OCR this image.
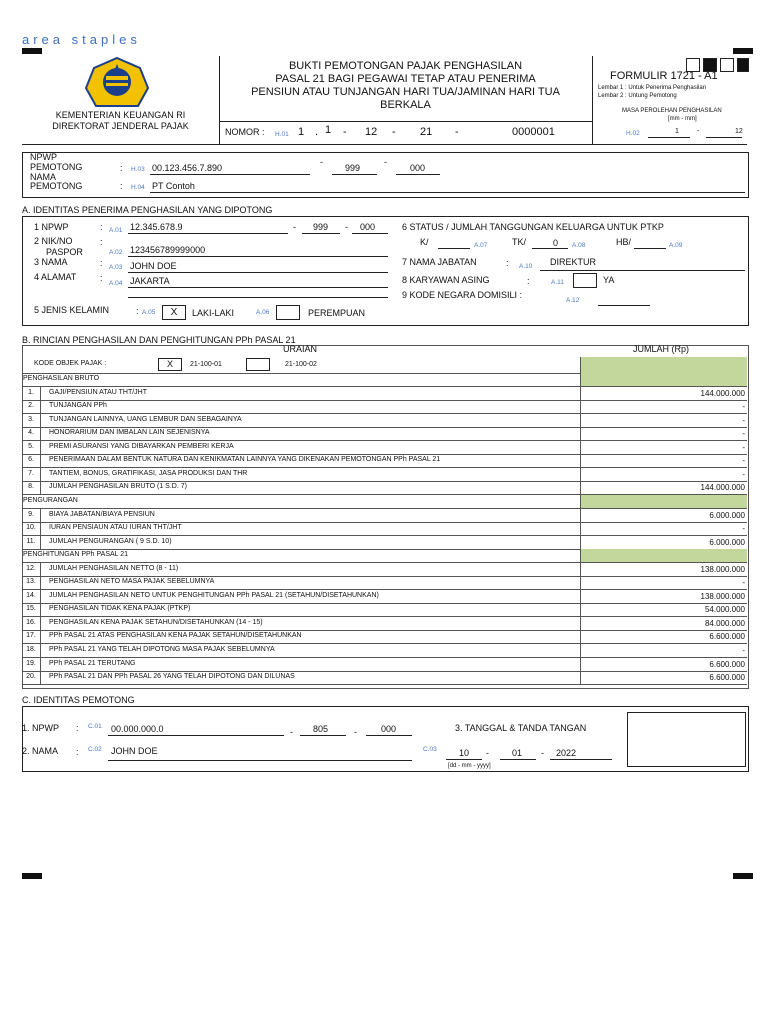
area staples
KEMENTERIAN KEUANGAN RI
DIREKTORAT JENDERAL PAJAK
BUKTI PEMOTONGAN PAJAK PENGHASILAN
PASAL 21 BAGI PEGAWAI TETAP ATAU PENERIMA
PENSIUN ATAU TUNJANGAN HARI TUA/JAMINAN HARI TUA
BERKALA
NOMOR : H.01 1 . 1 - 12 - 21 -	0000001
FORMULIR 1721 - A1
Lembar 1 : Untuk Penerima Penghasilan
Lembar 2 : Untung Pemotong
MASA PEROLEHAN PENGHASILAN
[mm - mm]
H.02	1	-	12
NPWP
PEMOTONG	: H.03 00.123.456.7.890
-
999
-
000
NAMA
PEMOTONG	: H.04 PT Contoh
A. IDENTITAS PENERIMA PENGHASILAN YANG DIPOTONG
1 NPWP	: A.01 12.345.678.9	- 999 - 000
2 NIK/NO
PASPOR
:
A.02 123456789999000
3 NAMA	: A.03 JOHN DOE
4 ALAMAT	:
A.04 JAKARTA
5 JENIS KELAMIN	: A.05	X	LAKI-LAKI	A.06	PEREMPUAN
6 STATUS / JUMLAH TANGGUNGAN KELUARGA UNTUK PTKP
K/	A.07	TK/	0 A.08	HB/	A.09
7 NAMA JABATAN	: A.10 DIREKTUR
8 KARYAWAN ASING	:	A.11	YA
9 KODE NEGARA DOMISILI :
A.12
B. RINCIAN PENGHASILAN DAN PENGHITUNGAN PPh PASAL 21
URAIAN	JUMLAH (Rp)
KODE OBJEK PAJAK :	X	21-100-01	21-100-02
PENGHASILAN BRUTO
1.	GAJI/PENSIUN ATAU THT/JHT	144.000.000
2.	TUNJANGAN PPh	-
3.	TUNJANGAN LAINNYA, UANG LEMBUR DAN SEBAGAINYA	-
4.	HONORARIUM DAN IMBALAN LAIN SEJENISNYA	-
5.	PREMI ASURANSI YANG DIBAYARKAN PEMBERI KERJA	-
6.	PENERIMAAN DALAM BENTUK NATURA DAN KENIKMATAN LAINNYA YANG DIKENAKAN PEMOTONGAN PPh PASAL 21	-
7.	TANTIEM, BONUS, GRATIFIKASI, JASA PRODUKSI DAN THR	-
8.	JUMLAH PENGHASILAN BRUTO (1 S.D. 7)	144.000.000
PENGURANGAN
9.	BIAYA JABATAN/BIAYA PENSIUN	6.000.000
10.	IURAN PENSIAUN ATAU IURAN THT/JHT	-
11.	JUMLAH PENGURANGAN ( 9 S.D. 10)	6.000.000
PENGHITUNGAN PPh PASAL 21
12.	JUMLAH PENGHASILAN NETTO (8 - 11)	138.000.000
13.	PENGHASILAN NETO MASA PAJAK SEBELUMNYA	-
14.	JUMLAH PENGHASILAN NETO UNTUK PENGHITUNGAN PPh PASAL 21 (SETAHUN/DISETAHUNKAN)	138.000.000
15.	PENGHASILAN TIDAK KENA PAJAK (PTKP)	54.000.000
16.	PENGHASILAN KENA PAJAK SETAHUN/DISETAHUNKAN (14 - 15)	84.000.000
17.	PPh PASAL 21 ATAS PENGHASILAN KENA PAJAK SETAHUN/DISETAHUNKAN	6.600.000
18.	PPh PASAL 21 YANG TELAH DIPOTONG MASA PAJAK SEBELUMNYA	-
19.	PPh PASAL 21 TERUTANG	6.600.000
20.	PPh PASAL 21 DAN PPh PASAL 26 YANG TELAH DIPOTONG DAN DILUNAS	6.600.000
C. IDENTITAS PEMOTONG
1. NPWP : C.01 00.000.000.0	- 805	-	000
2. NAMA : C.02 JOHN DOE
3. TANGGAL & TANDA TANGAN
C.03 10 -	01 - 2022
[dd - mm - yyyy]
